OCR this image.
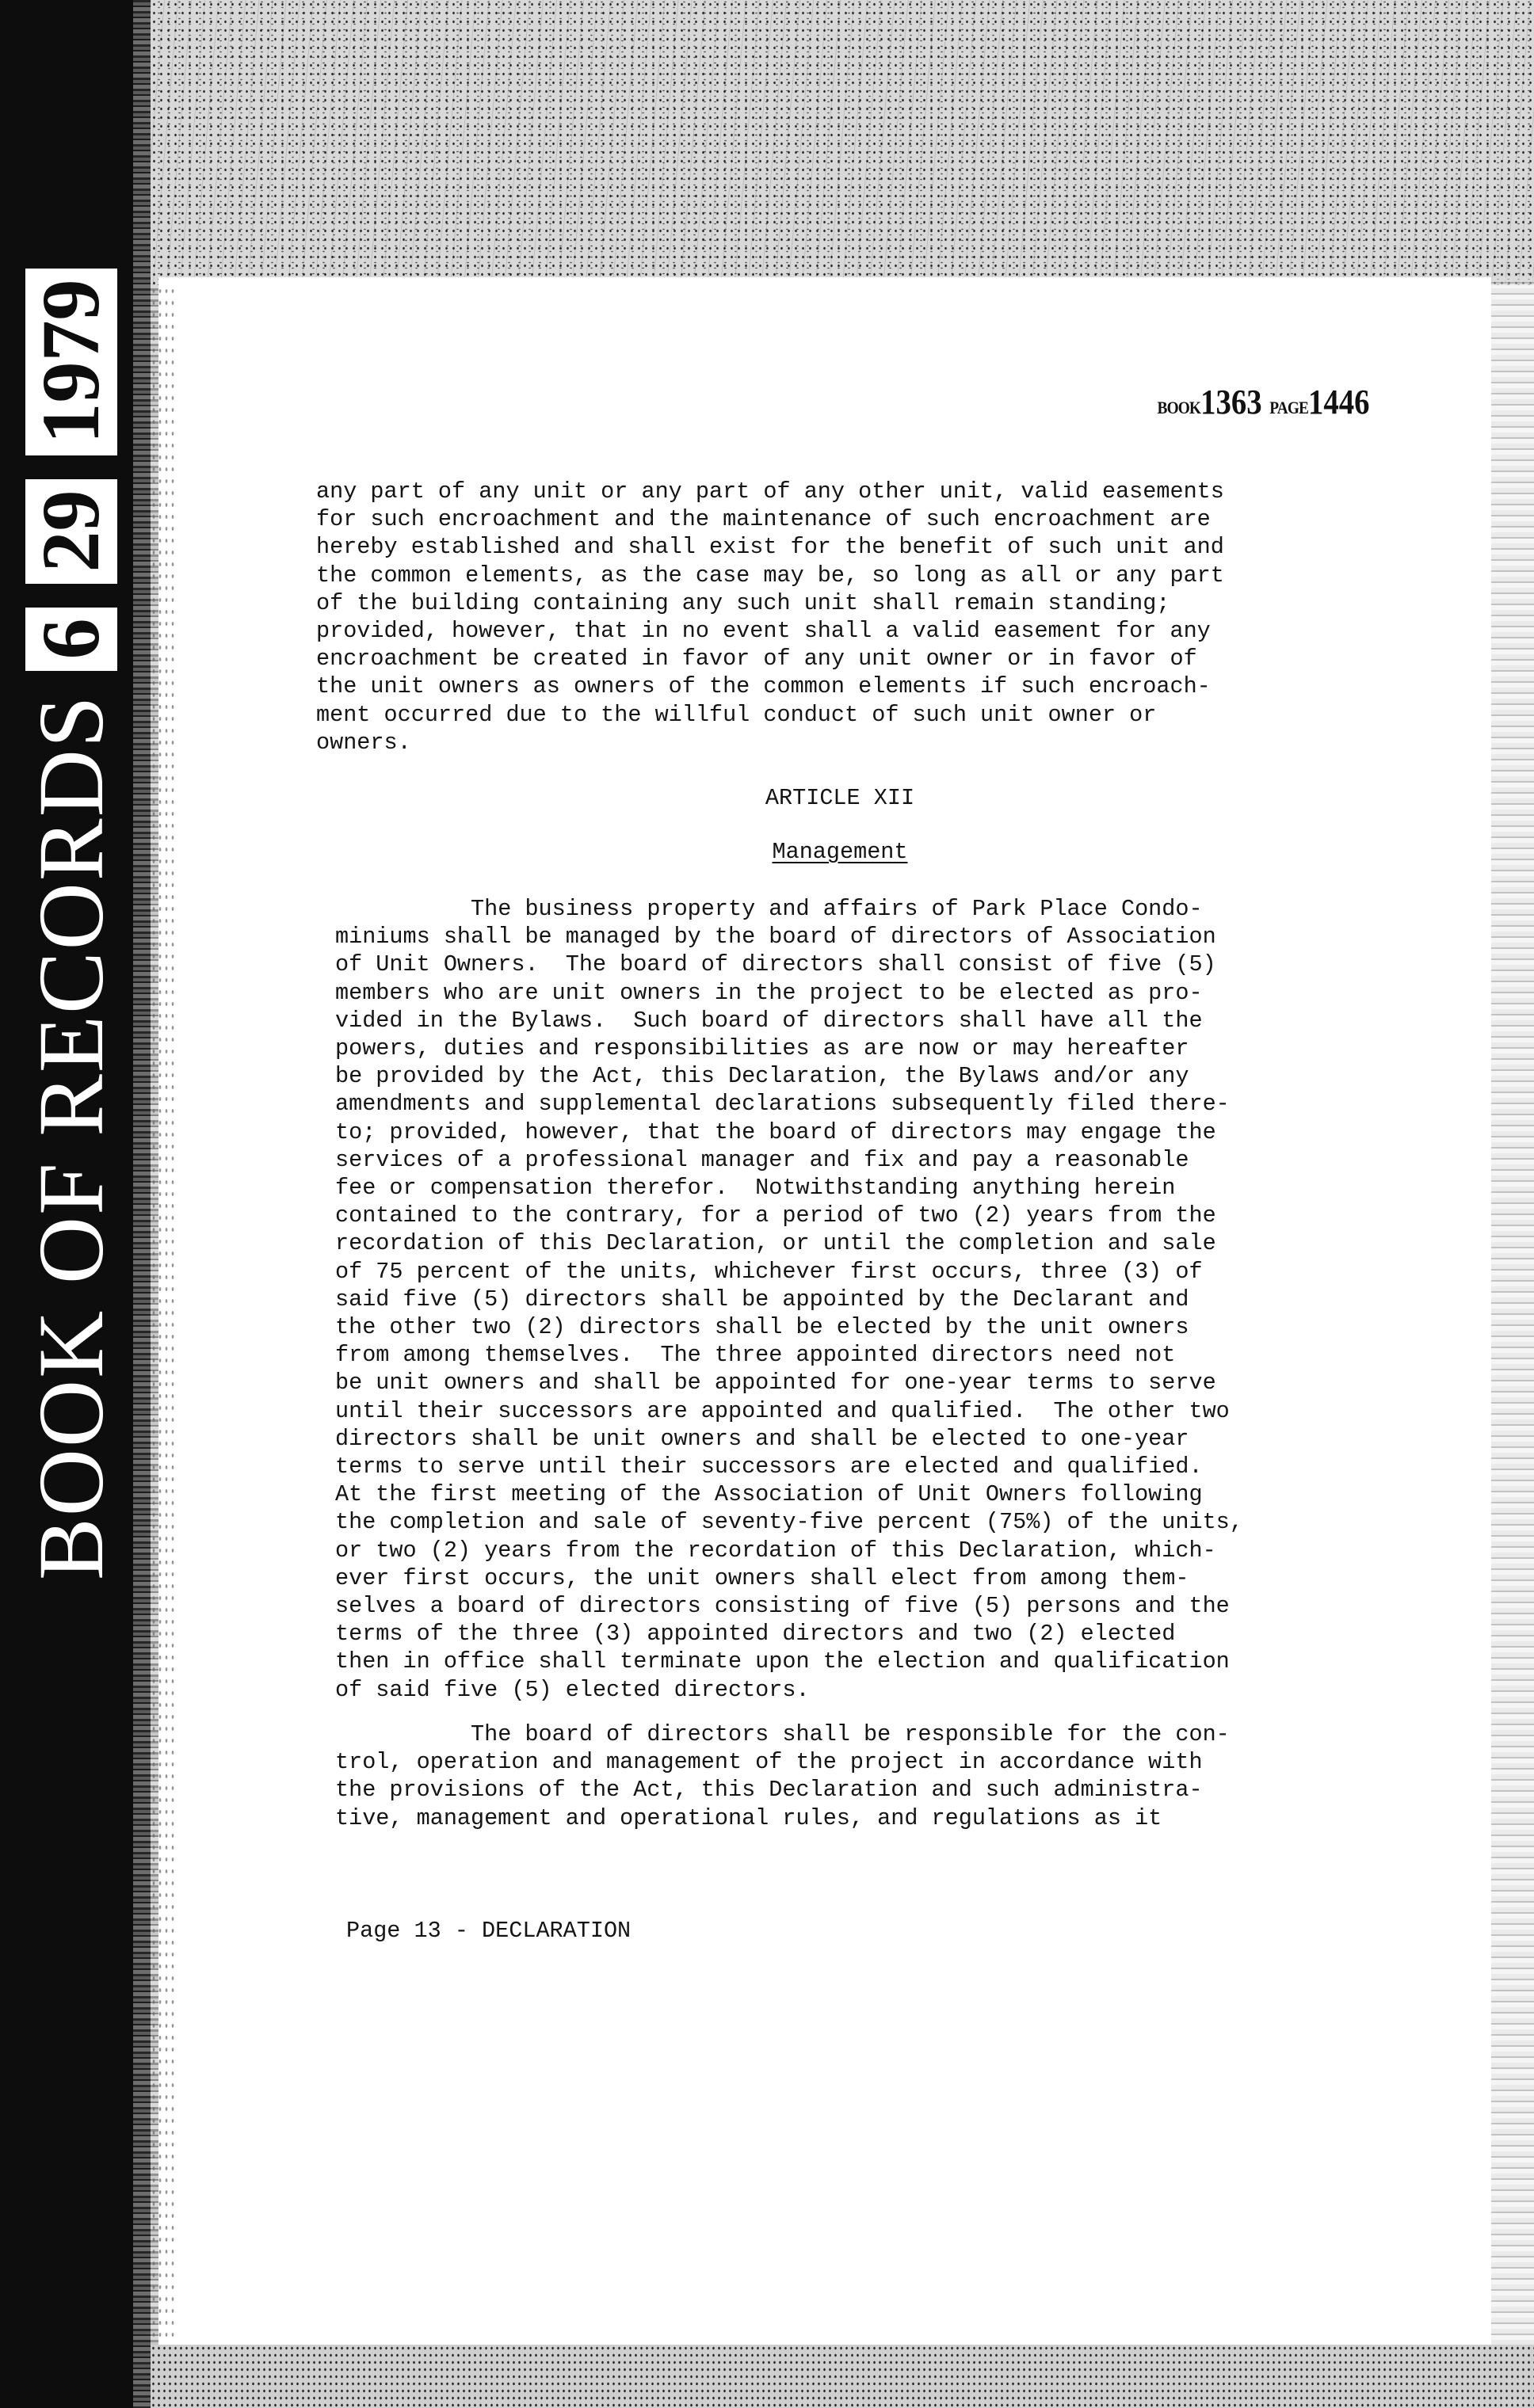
BOOK OF RECORDS
6
29
1979	BOOK1363 PAGE1446
any part of any unit or any part of any other unit, valid easements
for such encroachment and the maintenance of such encroachment are
hereby established and shall exist for the benefit of such unit and
the common elements, as the case may be, so long as all or any part
of the building containing any such unit shall remain standing;
provided, however, that in no event shall a valid easement for any
encroachment be created in favor of any unit owner or in favor of
the unit owners as owners of the common elements if such encroach-
ment occurred due to the willful conduct of such unit owner or
owners.
ARTICLE XII
Management
The business property and affairs of Park Place Condo-
miniums shall be managed by the board of directors of Association
of Unit Owners.  The board of directors shall consist of five (5)
members who are unit owners in the project to be elected as pro-
vided in the Bylaws.  Such board of directors shall have all the
powers, duties and responsibilities as are now or may hereafter
be provided by the Act, this Declaration, the Bylaws and/or any
amendments and supplemental declarations subsequently filed there-
to; provided, however, that the board of directors may engage the
services of a professional manager and fix and pay a reasonable
fee or compensation therefor.  Notwithstanding anything herein
contained to the contrary, for a period of two (2) years from the
recordation of this Declaration, or until the completion and sale
of 75 percent of the units, whichever first occurs, three (3) of
said five (5) directors shall be appointed by the Declarant and
the other two (2) directors shall be elected by the unit owners
from among themselves.  The three appointed directors need not
be unit owners and shall be appointed for one-year terms to serve
until their successors are appointed and qualified.  The other two
directors shall be unit owners and shall be elected to one-year
terms to serve until their successors are elected and qualified.
At the first meeting of the Association of Unit Owners following
the completion and sale of seventy-five percent (75%) of the units,
or two (2) years from the recordation of this Declaration, which-
ever first occurs, the unit owners shall elect from among them-
selves a board of directors consisting of five (5) persons and the
terms of the three (3) appointed directors and two (2) elected
then in office shall terminate upon the election and qualification
of said five (5) elected directors.
The board of directors shall be responsible for the con-
trol, operation and management of the project in accordance with
the provisions of the Act, this Declaration and such administra-
tive, management and operational rules, and regulations as it
Page 13 - DECLARATION
